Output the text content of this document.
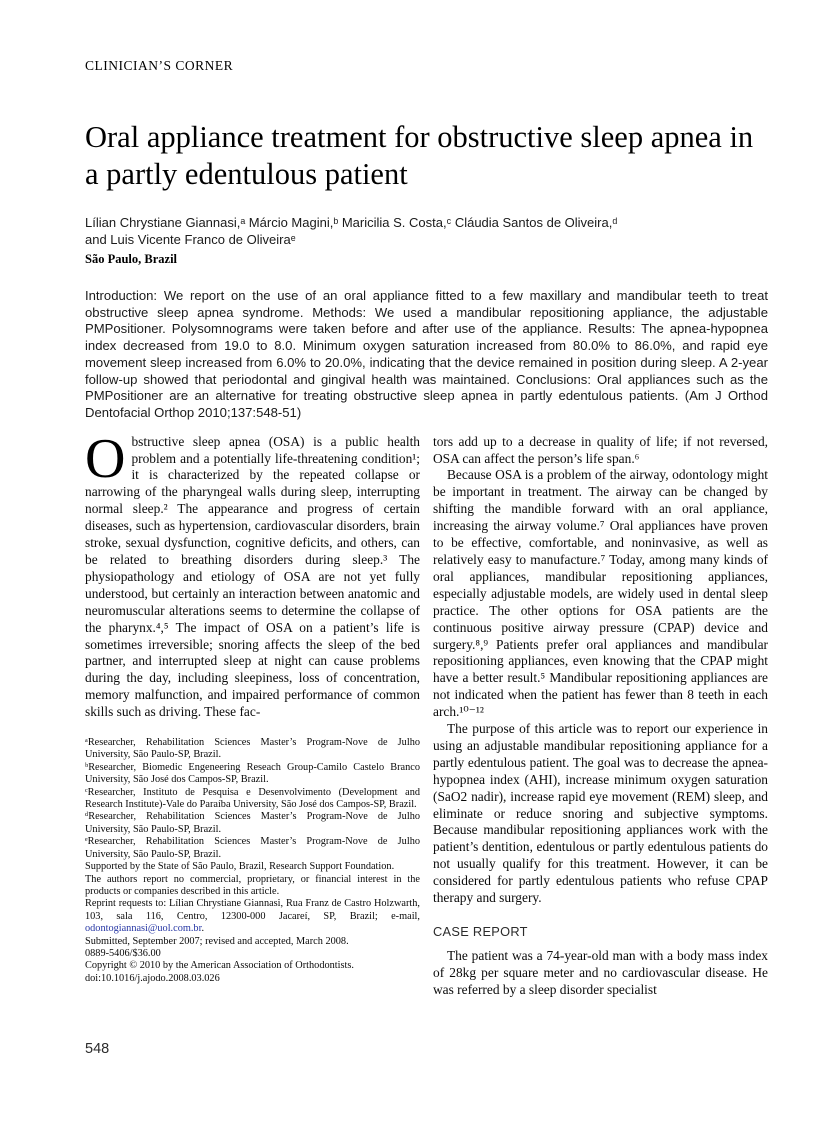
CLINICIAN’S CORNER
Oral appliance treatment for obstructive sleep apnea in a partly edentulous patient
Lílian Chrystiane Giannasi,ᵃ Márcio Magini,ᵇ Maricilia S. Costa,ᶜ Cláudia Santos de Oliveira,ᵈ
and Luis Vicente Franco de Oliveiraᵉ
São Paulo, Brazil
Introduction: We report on the use of an oral appliance fitted to a few maxillary and mandibular teeth to treat obstructive sleep apnea syndrome. Methods: We used a mandibular repositioning appliance, the adjustable PMPositioner. Polysomnograms were taken before and after use of the appliance. Results: The apnea-hypopnea index decreased from 19.0 to 8.0. Minimum oxygen saturation increased from 80.0% to 86.0%, and rapid eye movement sleep increased from 6.0% to 20.0%, indicating that the device remained in position during sleep. A 2-year follow-up showed that periodontal and gingival health was maintained. Conclusions: Oral appliances such as the PMPositioner are an alternative for treating obstructive sleep apnea in partly edentulous patients. (Am J Orthod Dentofacial Orthop 2010;137:548-51)
Obstructive sleep apnea (OSA) is a public health problem and a potentially life-threatening condition¹; it is characterized by the repeated collapse or narrowing of the pharyngeal walls during sleep, interrupting normal sleep.² The appearance and progress of certain diseases, such as hypertension, cardiovascular disorders, brain stroke, sexual dysfunction, cognitive deficits, and others, can be related to breathing disorders during sleep.³ The physiopathology and etiology of OSA are not yet fully understood, but certainly an interaction between anatomic and neuromuscular alterations seems to determine the collapse of the pharynx.⁴,⁵ The impact of OSA on a patient’s life is sometimes irreversible; snoring affects the sleep of the bed partner, and interrupted sleep at night can cause problems during the day, including sleepiness, loss of concentration, memory malfunction, and impaired performance of common skills such as driving. These fac-

ᵃResearcher, Rehabilitation Sciences Master’s Program-Nove de Julho University, São Paulo-SP, Brazil.

ᵇResearcher, Biomedic Engeneering Reseach Group-Camilo Castelo Branco University, São José dos Campos-SP, Brazil.

ᶜResearcher, Instituto de Pesquisa e Desenvolvimento (Development and Research Institute)-Vale do Paraíba University, São José dos Campos-SP, Brazil.

ᵈResearcher, Rehabilitation Sciences Master’s Program-Nove de Julho University, São Paulo-SP, Brazil.

ᵉResearcher, Rehabilitation Sciences Master’s Program-Nove de Julho University, São Paulo-SP, Brazil.

Supported by the State of São Paulo, Brazil, Research Support Foundation.

The authors report no commercial, proprietary, or financial interest in the products or companies described in this article.

Reprint requests to: Lílian Chrystiane Giannasi, Rua Franz de Castro Holzwarth, 103, sala 116, Centro, 12300-000 Jacareí, SP, Brazil; e-mail, odontogiannasi@uol.com.br.

Submitted, September 2007; revised and accepted, March 2008.

0889-5406/$36.00

Copyright © 2010 by the American Association of Orthodontists.

doi:10.1016/j.ajodo.2008.03.026

tors add up to a decrease in quality of life; if not reversed, OSA can affect the person’s life span.⁶

Because OSA is a problem of the airway, odontology might be important in treatment. The airway can be changed by shifting the mandible forward with an oral appliance, increasing the airway volume.⁷ Oral appliances have proven to be effective, comfortable, and noninvasive, as well as relatively easy to manufacture.⁷ Today, among many kinds of oral appliances, mandibular repositioning appliances, especially adjustable models, are widely used in dental sleep practice. The other options for OSA patients are the continuous positive airway pressure (CPAP) device and surgery.⁸,⁹ Patients prefer oral appliances and mandibular repositioning appliances, even knowing that the CPAP might have a better result.⁵ Mandibular repositioning appliances are not indicated when the patient has fewer than 8 teeth in each arch.¹⁰⁻¹²

The purpose of this article was to report our experience in using an adjustable mandibular repositioning appliance for a partly edentulous patient. The goal was to decrease the apnea-hypopnea index (AHI), increase minimum oxygen saturation (SaO2 nadir), increase rapid eye movement (REM) sleep, and eliminate or reduce snoring and subjective symptoms. Because mandibular repositioning appliances work with the patient’s dentition, edentulous or partly edentulous patients do not usually qualify for this treatment. However, it can be considered for partly edentulous patients who refuse CPAP therapy and surgery.

CASE REPORT

The patient was a 74-year-old man with a body mass index of 28kg per square meter and no cardiovascular disease. He was referred by a sleep disorder specialist

548
